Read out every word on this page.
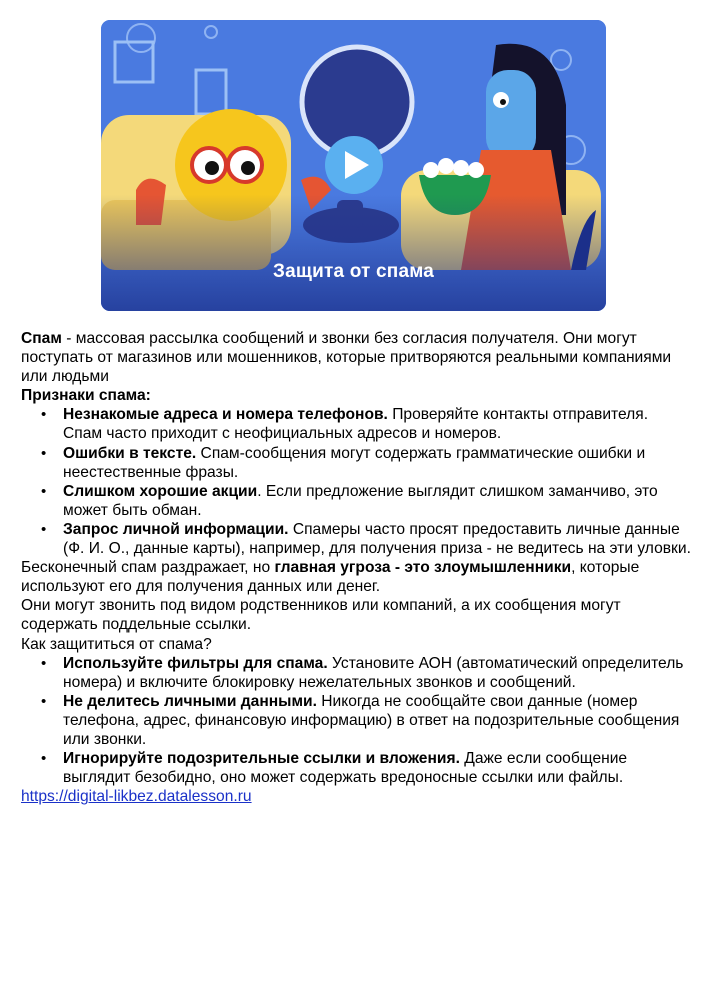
Защита от спама

Спам - массовая рассылка сообщений и звонки без согласия получателя. Они могут поступать от магазинов или мошенников, которые притворяются реальными компаниями или людьми

Признаки спама:

• Незнакомые адреса и номера телефонов. Проверяйте контакты отправителя. Спам часто приходит с неофициальных адресов и номеров.
• Ошибки в тексте. Спам-сообщения могут содержать грамматические ошибки и неестественные фразы.
• Слишком хорошие акции. Если предложение выглядит слишком заманчиво, это может быть обман.
• Запрос личной информации. Спамеры часто просят предоставить личные данные (Ф. И. О., данные карты), например, для получения приза - не ведитесь на эти уловки.

Бесконечный спам раздражает, но главная угроза - это злоумышленники, которые используют его для получения данных или денег.

Они могут звонить под видом родственников или компаний, а их сообщения могут содержать поддельные ссылки.

Как защититься от спама?

• Используйте фильтры для спама. Установите АОН (автоматический определитель номера) и включите блокировку нежелательных звонков и сообщений.
• Не делитесь личными данными. Никогда не сообщайте свои данные (номер телефона, адрес, финансовую информацию) в ответ на подозрительные сообщения или звонки.
• Игнорируйте подозрительные ссылки и вложения. Даже если сообщение выглядит безобидно, оно может содержать вредоносные ссылки или файлы.

https://digital-likbez.datalesson.ru
